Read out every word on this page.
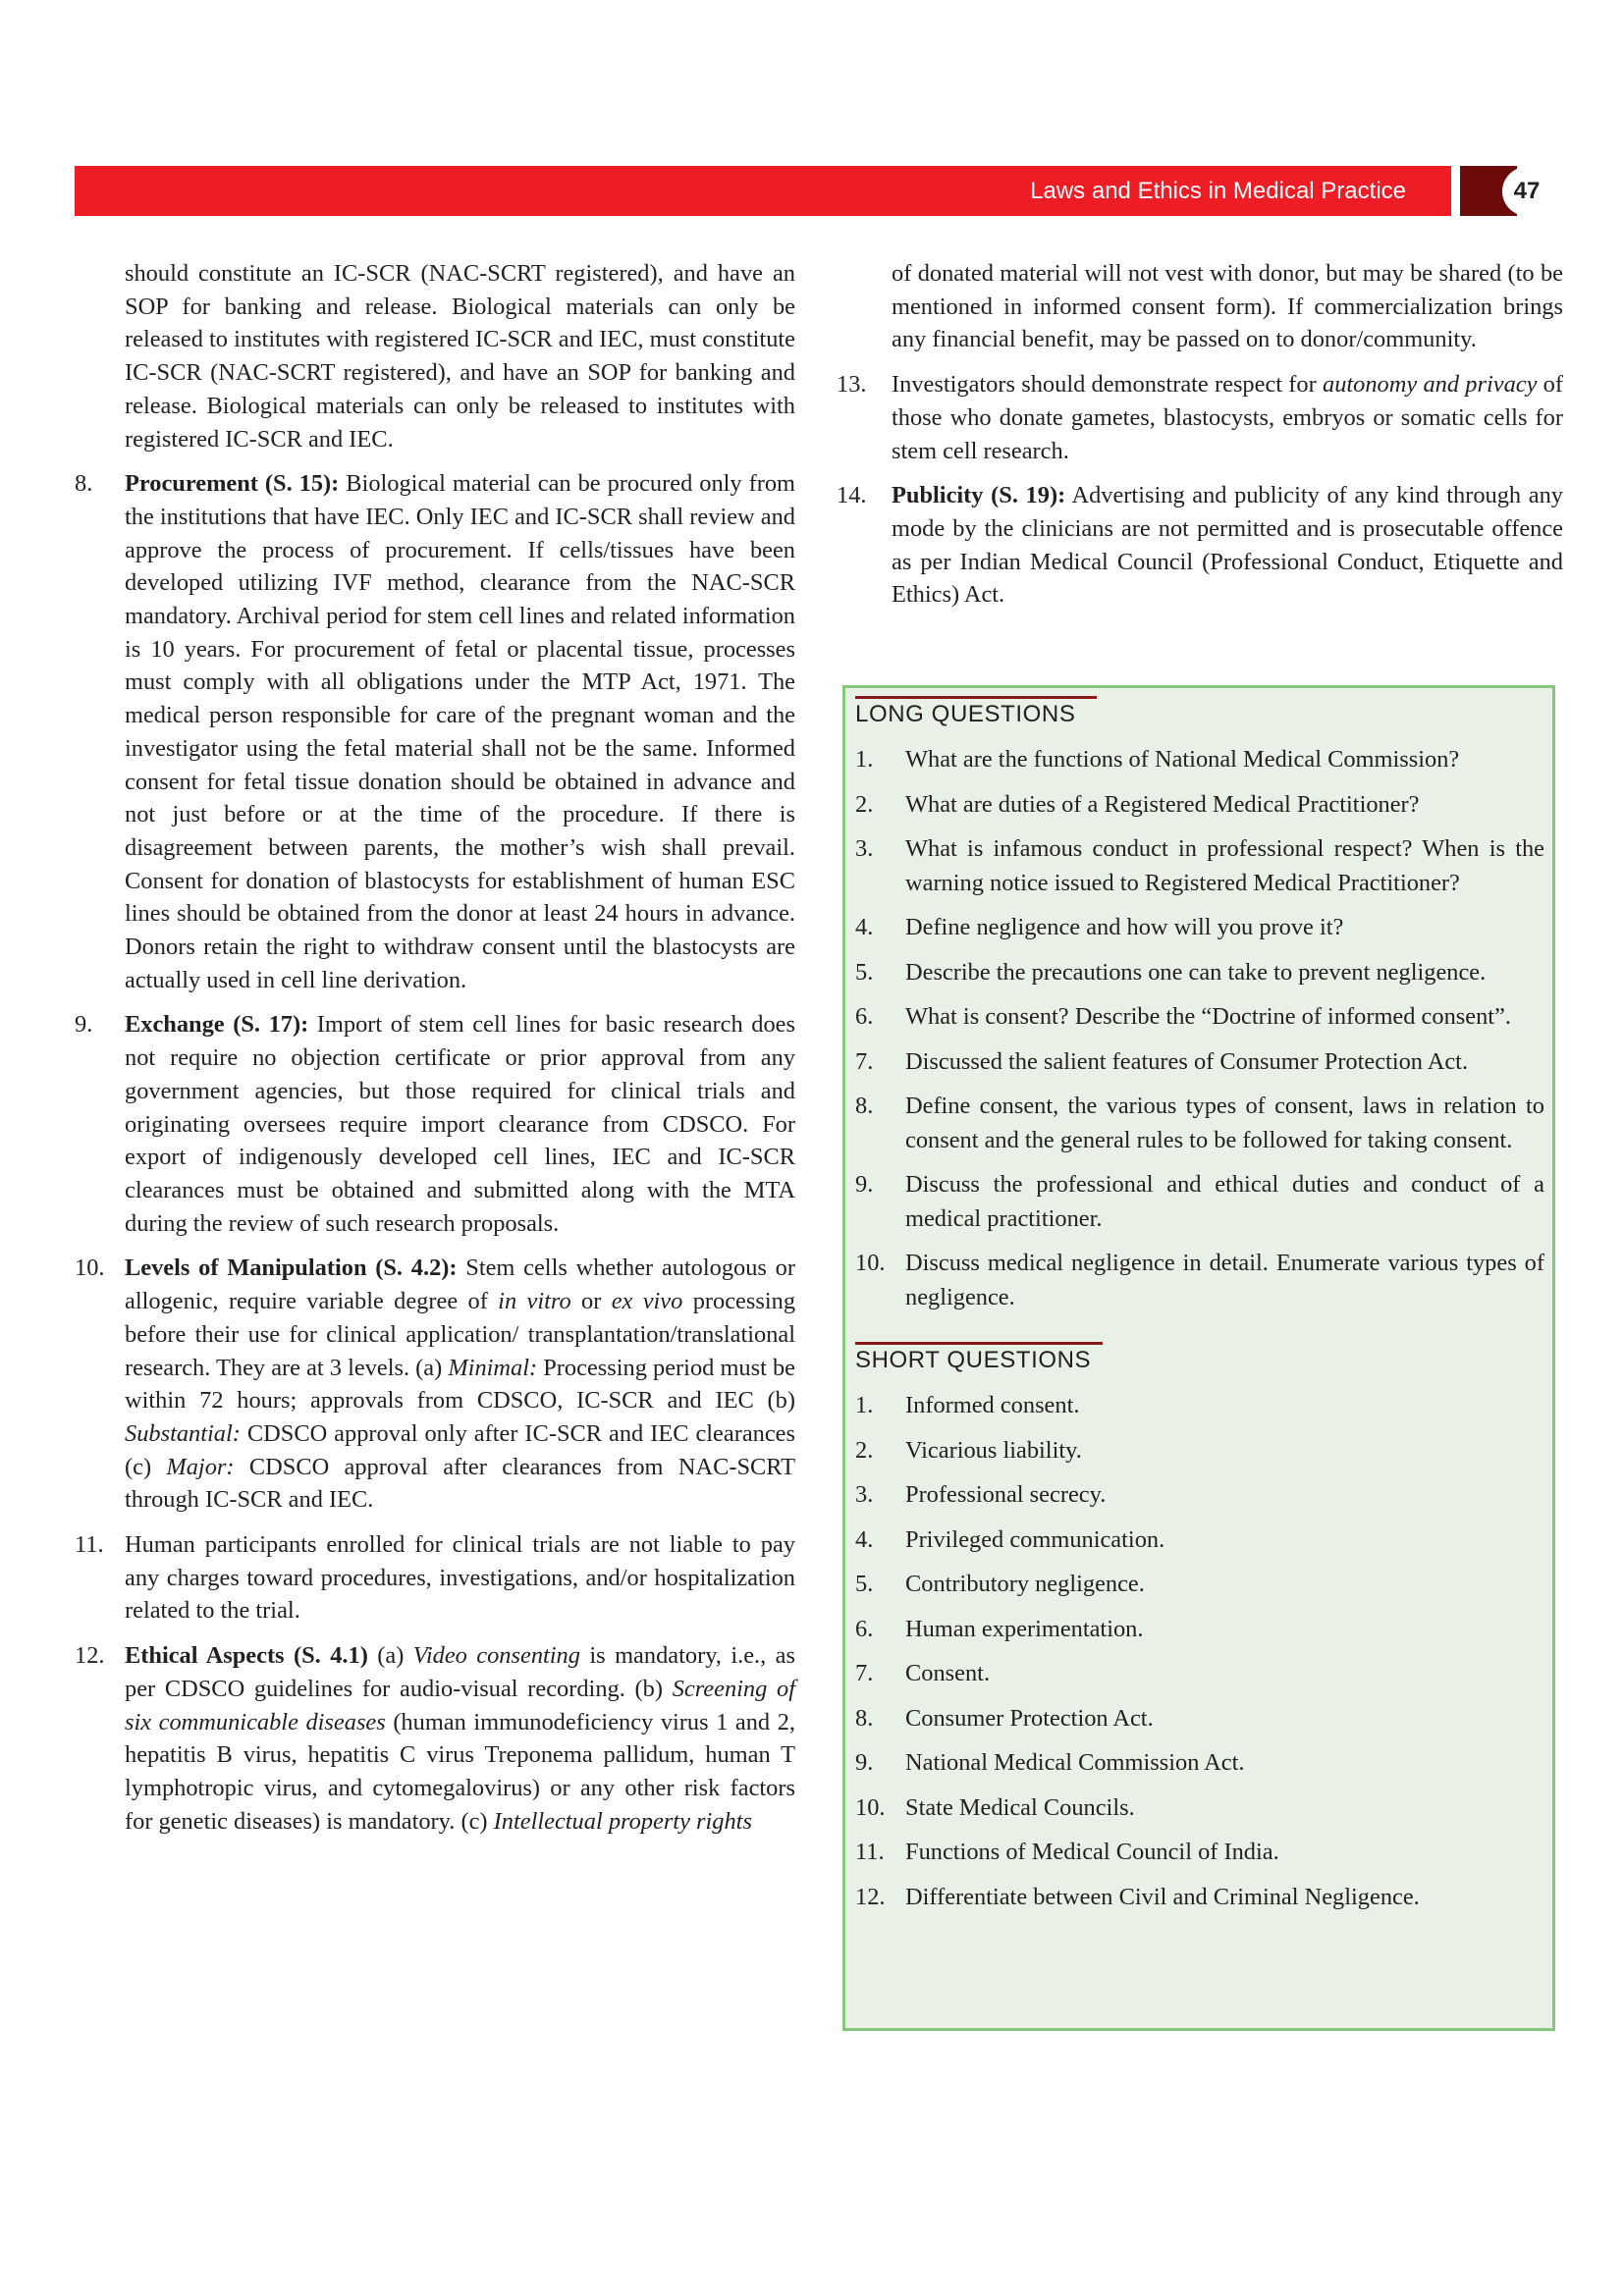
Laws and Ethics in Medical Practice	47

should constitute an IC-SCR (NAC-SCRT registered), and have an SOP for banking and release. Biological materials can only be released to institutes with registered IC-SCR and IEC, must constitute IC-SCR (NAC-SCRT registered), and have an SOP for banking and release. Biological materials can only be released to institutes with registered IC-SCR and IEC.

8. Procurement (S. 15): Biological material can be procured only from the institutions that have IEC. Only IEC and IC-SCR shall review and approve the process of procurement. If cells/tissues have been developed utilizing IVF method, clearance from the NAC-SCR mandatory. Archival period for stem cell lines and related information is 10 years. For procurement of fetal or placental tissue, processes must comply with all obligations under the MTP Act, 1971. The medical person responsible for care of the pregnant woman and the investigator using the fetal material shall not be the same. Informed consent for fetal tissue donation should be obtained in advance and not just before or at the time of the procedure. If there is disagreement between parents, the mother’s wish shall prevail. Consent for donation of blastocysts for establishment of human ESC lines should be obtained from the donor at least 24 hours in advance. Donors retain the right to withdraw consent until the blastocysts are actually used in cell line derivation.
9. Exchange (S. 17): Import of stem cell lines for basic research does not require no objection certificate or prior approval from any government agencies, but those required for clinical trials and originating oversees require import clearance from CDSCO. For export of indigenously developed cell lines, IEC and IC-SCR clearances must be obtained and submitted along with the MTA during the review of such research proposals.
10. Levels of Manipulation (S. 4.2): Stem cells whether autologous or allogenic, require variable degree of in vitro or ex vivo processing before their use for clinical application/ transplantation/translational research. They are at 3 levels. (a) Minimal: Processing period must be within 72 hours; approvals from CDSCO, IC-SCR and IEC (b) Substantial: CDSCO approval only after IC-SCR and IEC clearances (c) Major: CDSCO approval after clearances from NAC-SCRT through IC-SCR and IEC.
11. Human participants enrolled for clinical trials are not liable to pay any charges toward procedures, investigations, and/or hospitalization related to the trial.
12. Ethical Aspects (S. 4.1) (a) Video consenting is mandatory, i.e., as per CDSCO guidelines for audio-visual recording. (b) Screening of six communicable diseases (human immunodeficiency virus 1 and 2, hepatitis B virus, hepatitis C virus Treponema pallidum, human T lymphotropic virus, and cytomegalovirus) or any other risk factors for genetic diseases) is mandatory. (c) Intellectual property rights

of donated material will not vest with donor, but may be shared (to be mentioned in informed consent form). If commercialization brings any financial benefit, may be passed on to donor/community.

13. Investigators should demonstrate respect for autonomy and privacy of those who donate gametes, blastocysts, embryos or somatic cells for stem cell research.
14. Publicity (S. 19): Advertising and publicity of any kind through any mode by the clinicians are not permitted and is prosecutable offence as per Indian Medical Council (Professional Conduct, Etiquette and Ethics) Act.
LONG QUESTIONS
1. What are the functions of National Medical Commission?
2. What are duties of a Registered Medical Practitioner?
3. What is infamous conduct in professional respect? When is the warning notice issued to Registered Medical Practitioner?
4. Define negligence and how will you prove it?
5. Describe the precautions one can take to prevent negligence.
6. What is consent? Describe the “Doctrine of informed consent”.
7. Discussed the salient features of Consumer Protection Act.
8. Define consent, the various types of consent, laws in relation to consent and the general rules to be followed for taking consent.
9. Discuss the professional and ethical duties and conduct of a medical practitioner.
10. Discuss medical negligence in detail. Enumerate various types of negligence.
SHORT QUESTIONS
1. Informed consent.
2. Vicarious liability.
3. Professional secrecy.
4. Privileged communication.
5. Contributory negligence.
6. Human experimentation.
7. Consent.
8. Consumer Protection Act.
9. National Medical Commission Act.
10. State Medical Councils.
11. Functions of Medical Council of India.
12. Differentiate between Civil and Criminal Negligence.
